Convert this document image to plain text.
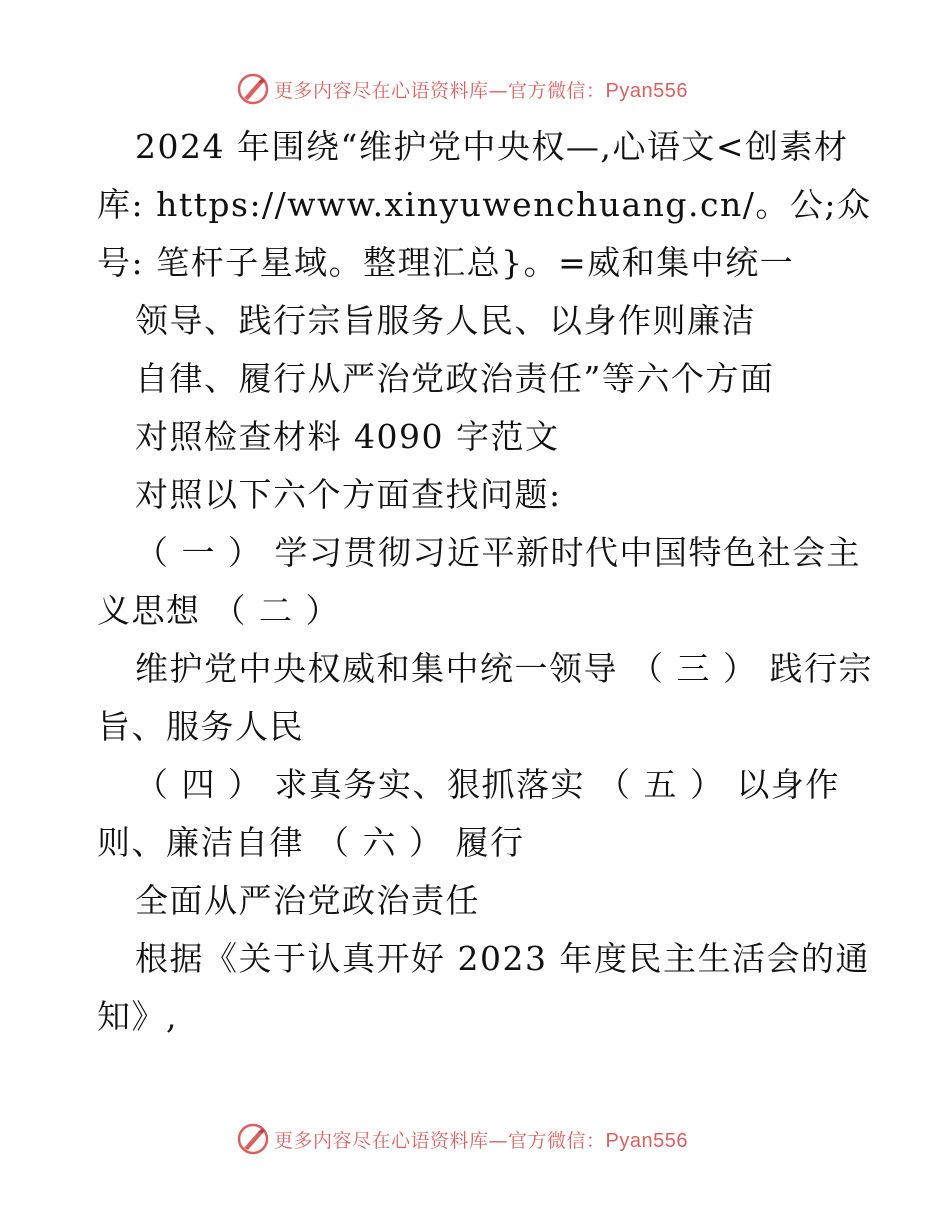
更多内容尽在心语资料库—官方微信：Pyan556
2024 年围绕“维护党中央权—,心语文<创素材
库: https://www.xinyuwenchuang.cn/。公;众
号: 笔杆子星域。整理汇总}。=威和集中统一
领导、践行宗旨服务人民、以身作则廉洁
自律、履行从严治党政治责任”等六个方面
对照检查材料 4090 字范文
对照以下六个方面查找问题:
（ 一 ） 学习贯彻习近平新时代中国特色社会主
义思想 （ 二 ）
维护党中央权威和集中统一领导 （ 三 ） 践行宗
旨、服务人民
（ 四 ） 求真务实、狠抓落实 （ 五 ） 以身作
则、廉洁自律 （ 六 ） 履行
全面从严治党政治责任
根据《关于认真开好 2023 年度民主生活会的通
知》,
更多内容尽在心语资料库—官方微信：Pyan556
